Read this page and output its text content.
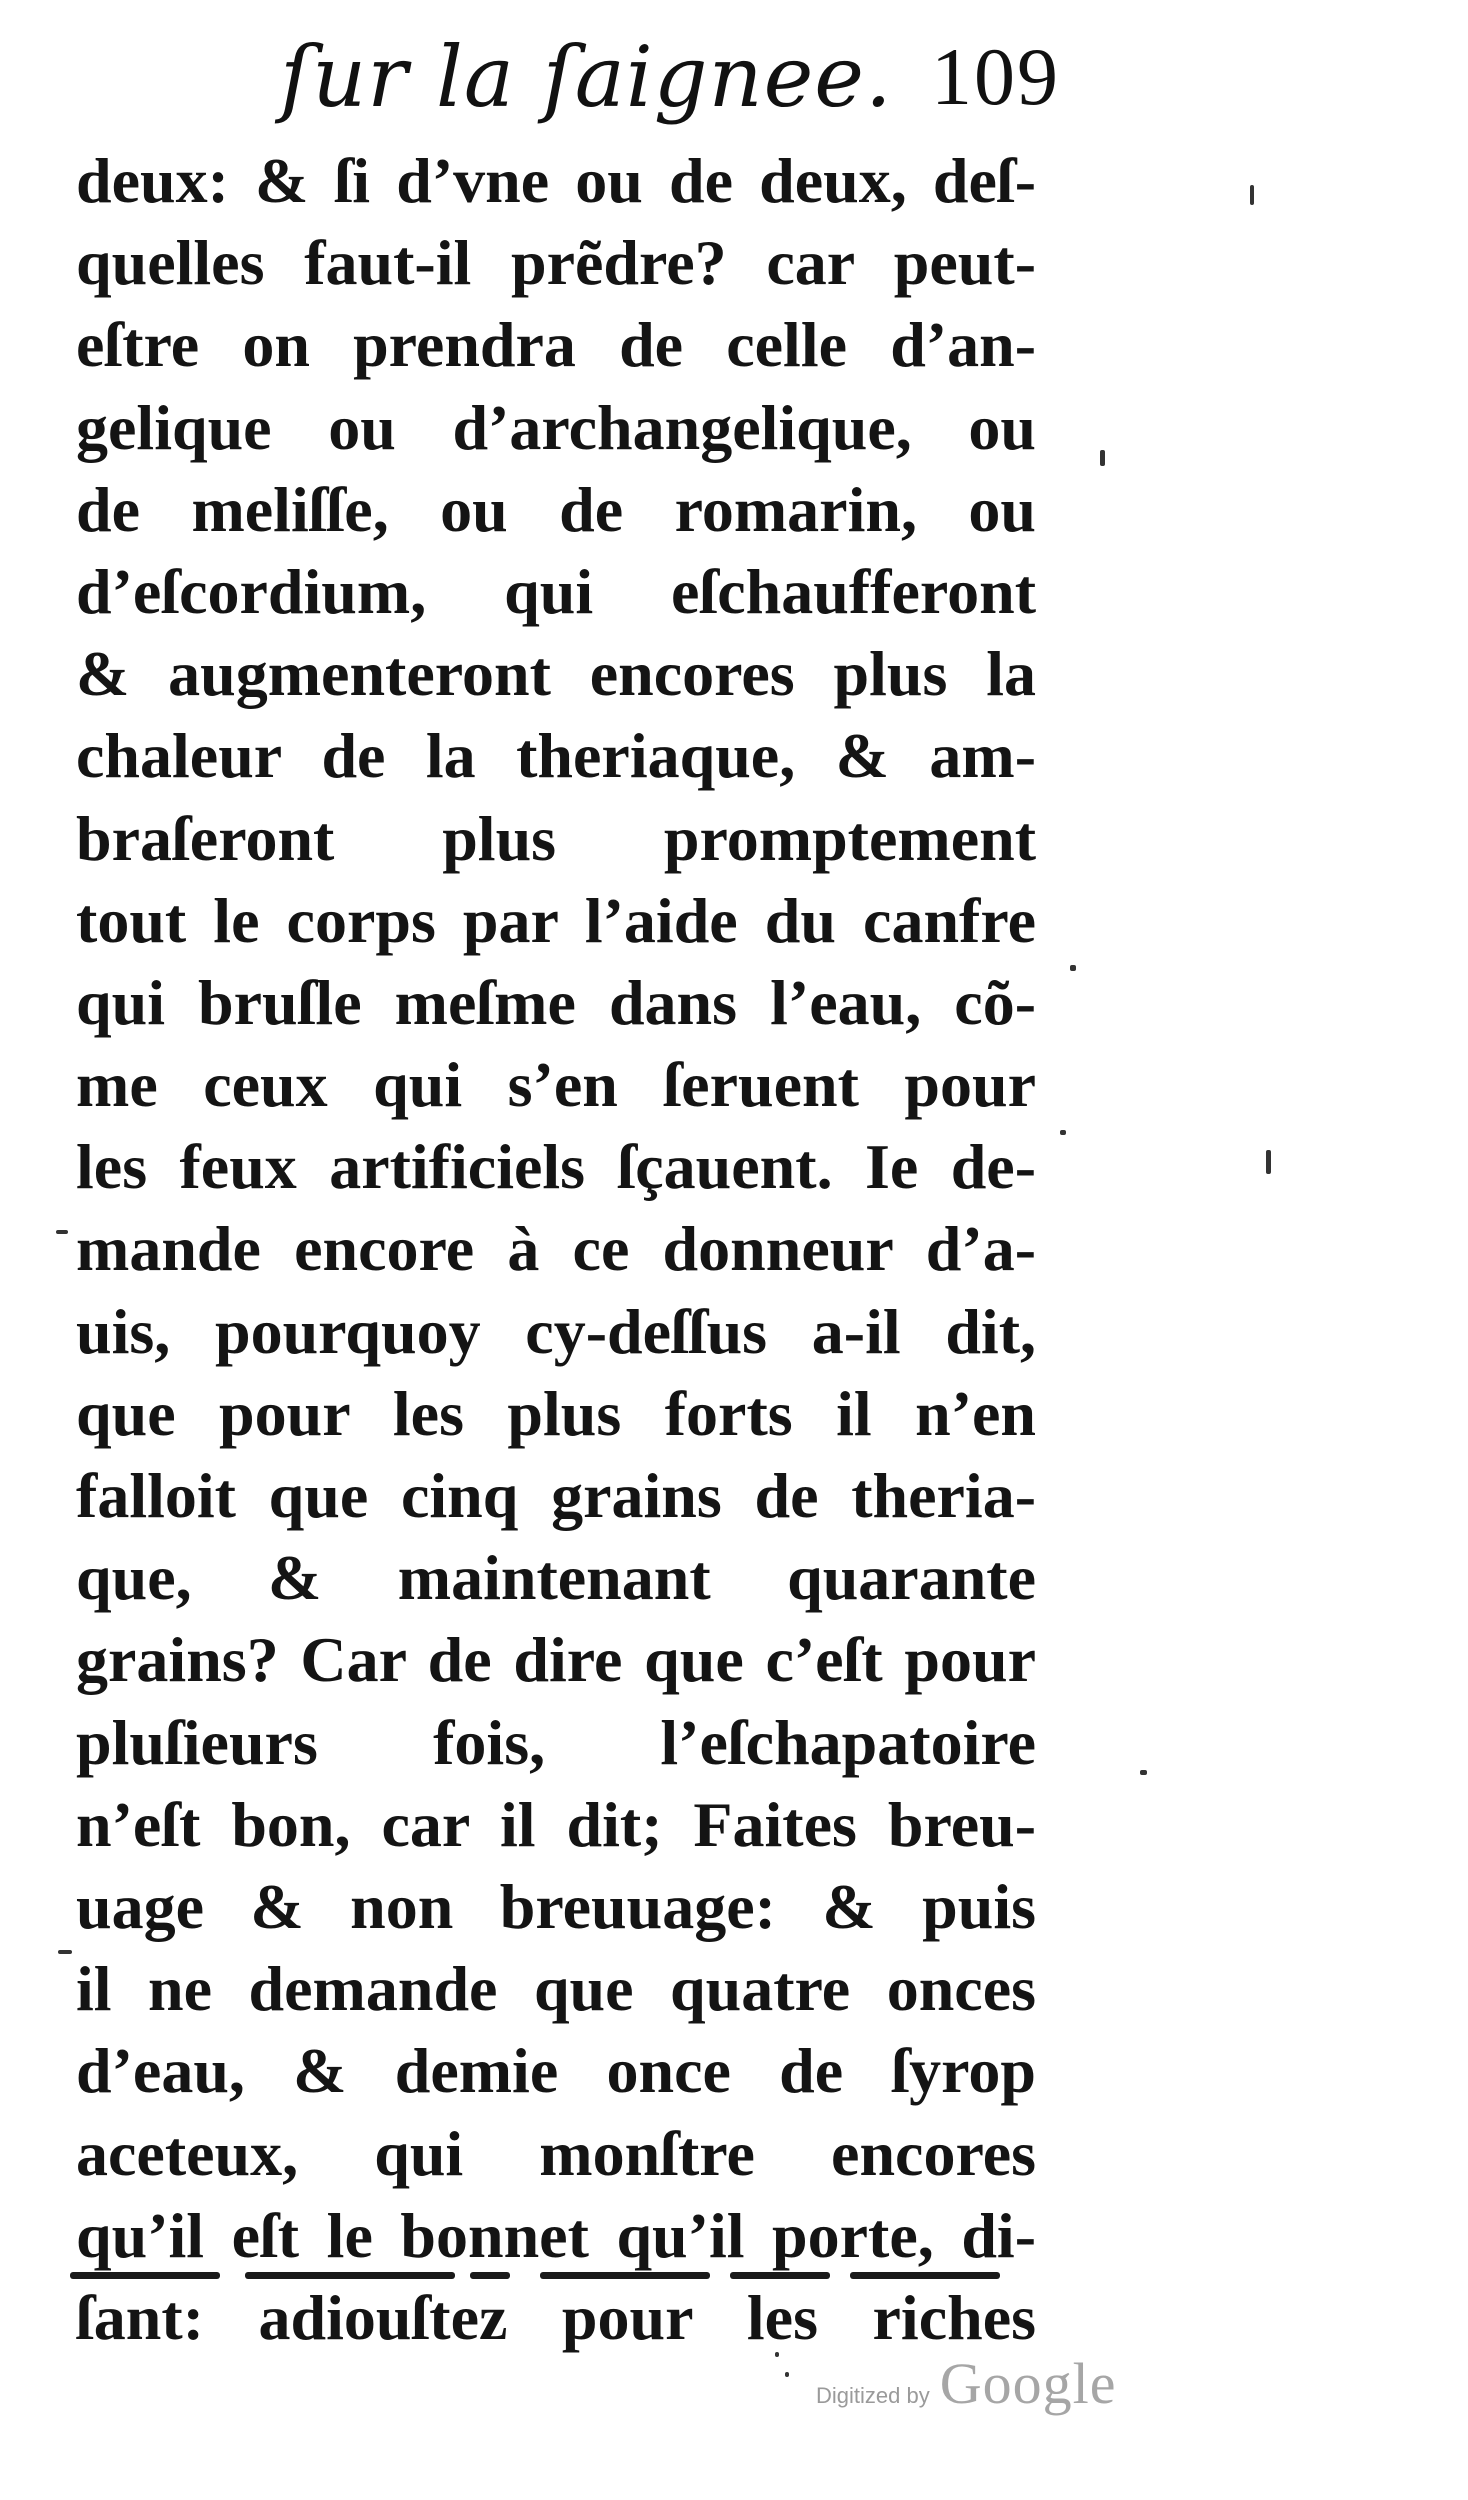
ſur la ſaignee. 109
deux: & ſi d’vne ou de deux, deſ-
quelles faut-il prẽdre? car peut-
eſtre on prendra de celle d’an-
gelique ou d’archangelique, ou
de meliſſe, ou de romarin, ou
d’eſcordium, qui eſchaufferont
& augmenteront encores plus la
chaleur de la theriaque, & am-
braſeront plus promptement
tout le corps par l’aide du canfre
qui bruſle meſme dans l’eau, cõ-
me ceux qui s’en ſeruent pour
les feux artificiels ſçauent. Ie de-
mande encore à ce donneur d’a-
uis, pourquoy cy-deſſus a-il dit,
que pour les plus forts il n’en
falloit que cinq grains de theria-
que, & maintenant quarante
grains? Car de dire que c’eſt pour
pluſieurs fois, l’eſchapatoire
n’eſt bon, car il dit; Faites breu-
uage & non breuuage: & puis
il ne demande que quatre onces
d’eau, & demie once de ſyrop
aceteux, qui monſtre encores
qu’il eſt le bonnet qu’il porte, di-
ſant: adiouſtez pour les riches
Digitized by Google
